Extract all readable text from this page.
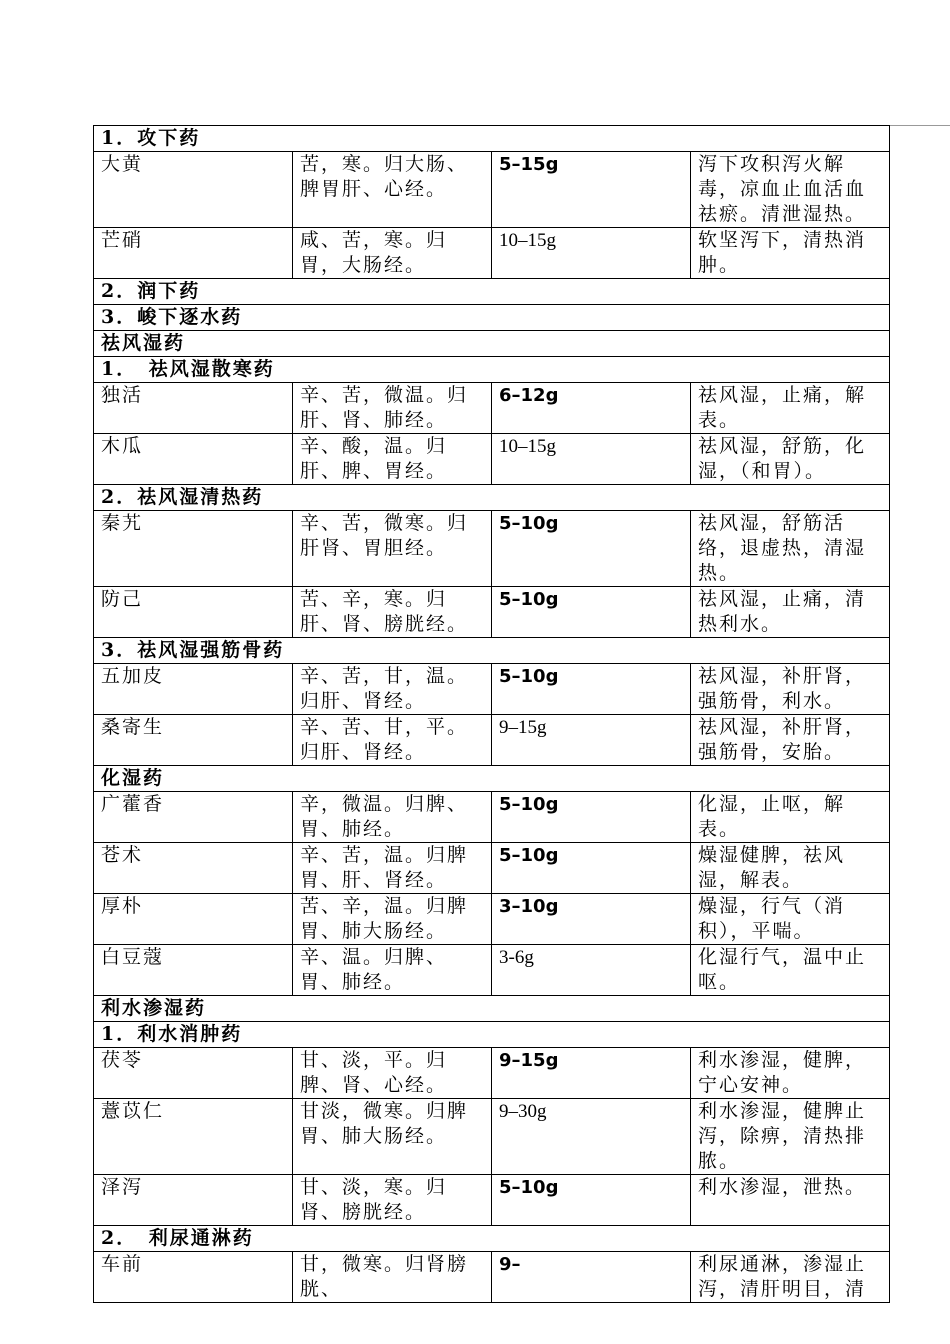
1．攻下药			
大黄	苦，寒。归大肠、脾胃肝、心经。	5–15g	泻下攻积泻火解毒，凉血止血活血祛瘀。清泄湿热。
芒硝	咸、苦，寒。归胃，大肠经。	10–15g	软坚泻下，清热消肿。
2．润下药			
3．峻下逐水药			
祛风湿药			
1．　祛风湿散寒药			
独活	辛、苦，微温。归肝、肾、肺经。	6–12g	祛风湿，止痛，解表。
木瓜	辛、酸，温。归肝、脾、胃经。	10–15g	祛风湿，舒筋，化湿，（和胃）。
2．祛风湿清热药			
秦艽	辛、苦，微寒。归肝肾、胃胆经。	5–10g	祛风湿，舒筋活络，退虚热，清湿热。
防己	苦、辛，寒。归肝、肾、膀胱经。	5–10g	祛风湿，止痛，清热利水。
3．祛风湿强筋骨药			
五加皮	辛、苦，甘，温。归肝、肾经。	5–10g	祛风湿，补肝肾，强筋骨，利水。
桑寄生	辛、苦、甘，平。归肝、肾经。	9–15g	祛风湿，补肝肾，强筋骨，安胎。
化湿药			
广藿香	辛，微温。归脾、胃、肺经。	5–10g	化湿，止呕，解表。
苍术	辛、苦，温。归脾胃、肝、肾经。	5–10g	燥湿健脾，祛风湿，解表。
厚朴	苦、辛，温。归脾胃、肺大肠经。	3–10g	燥湿，行气（消积），平喘。
白豆蔻	辛、温。归脾、胃、肺经。	3-6g	化湿行气，温中止呕。
利水渗湿药			
1．利水消肿药			
茯苓	甘、淡，平。归脾、肾、心经。	9–15g	利水渗湿，健脾，宁心安神。
薏苡仁	甘淡，微寒。归脾胃、肺大肠经。	9–30g	利水渗湿，健脾止泻，除痹，清热排脓。
泽泻	甘、淡，寒。归肾、膀胱经。	5–10g	利水渗湿，泄热。
2．　利尿通淋药			
车前	甘，微寒。归肾膀胱、	9–	利尿通淋，渗湿止泻，清肝明目，清
